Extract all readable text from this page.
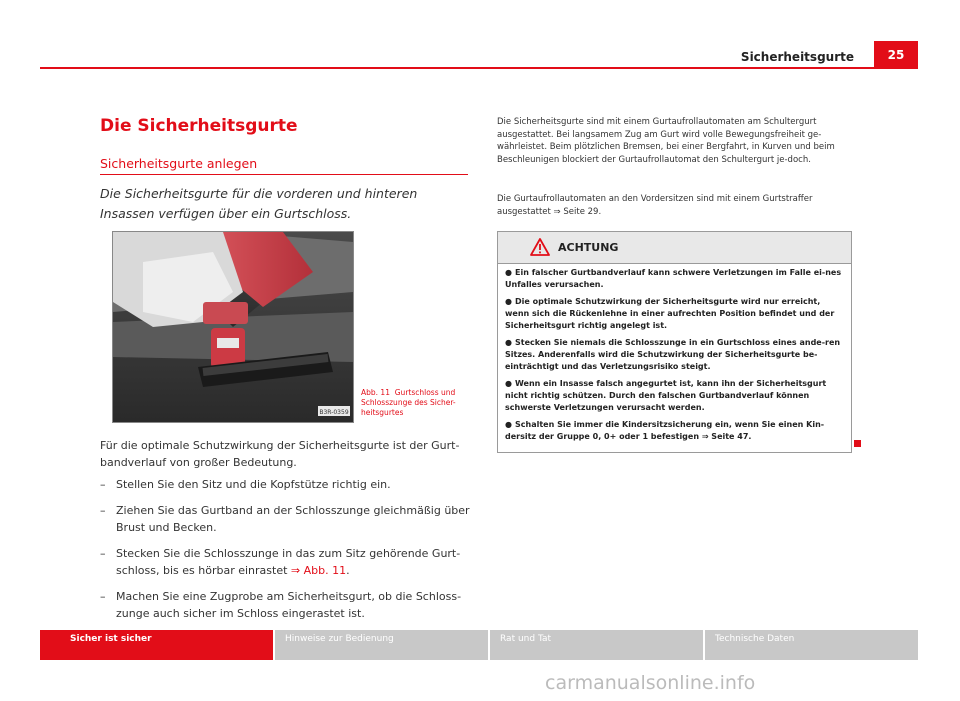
Sicherheitsgurte	25
Die Sicherheitsgurte
Sicherheitsgurte anlegen
Die Sicherheitsgurte für die vorderen und hinteren Insassen verfügen über ein Gurtschloss.
B3R-0359
Abb. 11 Gurtschloss und Schlosszunge des Sicher-heitsgurtes
Für die optimale Schutzwirkung der Sicherheitsgurte ist der Gurt-bandverlauf von großer Bedeutung.
– Stellen Sie den Sitz und die Kopfstütze richtig ein.
– Ziehen Sie das Gurtband an der Schlosszunge gleichmäßig über Brust und Becken.
– Stecken Sie die Schlosszunge in das zum Sitz gehörende Gurt-schloss, bis es hörbar einrastet ⇒ Abb. 11.
– Machen Sie eine Zugprobe am Sicherheitsgurt, ob die Schloss-zunge auch sicher im Schloss eingerastet ist.
Die Sicherheitsgurte sind mit einem Gurtaufrollautomaten am Schultergurt ausgestattet. Bei langsamem Zug am Gurt wird volle Bewegungsfreiheit ge-währleistet. Beim plötzlichen Bremsen, bei einer Bergfahrt, in Kurven und beim Beschleunigen blockiert der Gurtaufrollautomat den Schultergurt je-doch.
Die Gurtaufrollautomaten an den Vordersitzen sind mit einem Gurtstraffer ausgestattet ⇒ Seite 29.
ACHTUNG
● Ein falscher Gurtbandverlauf kann schwere Verletzungen im Falle ei-nes Unfalles verursachen.
● Die optimale Schutzwirkung der Sicherheitsgurte wird nur erreicht, wenn sich die Rückenlehne in einer aufrechten Position befindet und der Sicherheitsgurt richtig angelegt ist.
● Stecken Sie niemals die Schlosszunge in ein Gurtschloss eines ande-ren Sitzes. Anderenfalls wird die Schutzwirkung der Sicherheitsgurte be-einträchtigt und das Verletzungsrisiko steigt.
● Wenn ein Insasse falsch angegurtet ist, kann ihn der Sicherheitsgurt nicht richtig schützen. Durch den falschen Gurtbandverlauf können schwerste Verletzungen verursacht werden.
● Schalten Sie immer die Kindersitzsicherung ein, wenn Sie einen Kin-dersitz der Gruppe 0, 0+ oder 1 befestigen ⇒ Seite 47.
Sicher ist sicher	Hinweise zur Bedienung	Rat und Tat	Technische Daten
carmanualsonline.info
